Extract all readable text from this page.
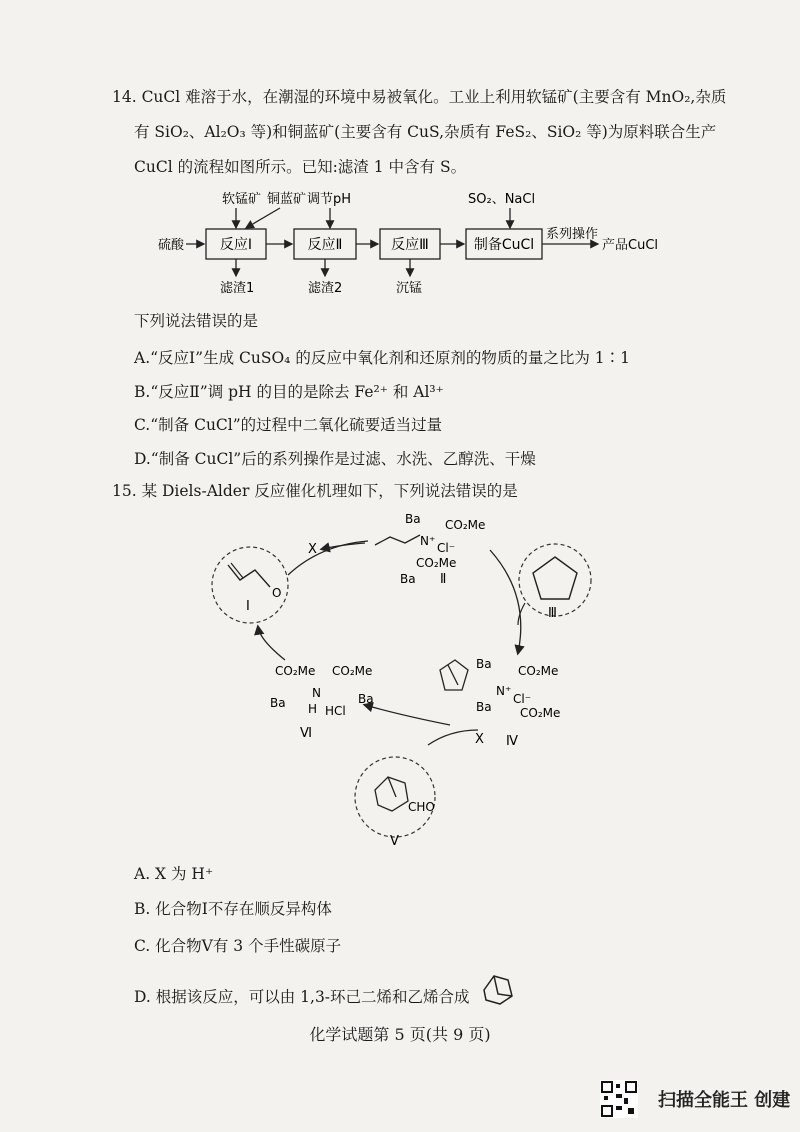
14. CuCl 难溶于水，在潮湿的环境中易被氧化。工业上利用软锰矿(主要含有 MnO₂,杂质
有 SiO₂、Al₂O₃ 等)和铜蓝矿(主要含有 CuS,杂质有 FeS₂、SiO₂ 等)为原料联合生产
CuCl 的流程如图所示。已知:滤渣 1 中含有 S。
软锰矿 铜蓝矿 调节pH	SO₂、NaCl
硫酸	反应Ⅰ	反应Ⅱ	反应Ⅲ	制备CuCl
系列操作
产品CuCl
滤渣1	滤渣2	沉锰
下列说法错误的是
A.“反应Ⅰ”生成 CuSO₄ 的反应中氧化剂和还原剂的物质的量之比为 1∶1
B.“反应Ⅱ”调 pH 的目的是除去 Fe²⁺ 和 Al³⁺
C.“制备 CuCl”的过程中二氧化硫要适当过量
D.“制备 CuCl”后的系列操作是过滤、水洗、乙醇洗、干燥
15. 某 Diels-Alder 反应催化机理如下，下列说法错误的是
O
Ⅰ
N⁺ Cl⁻
Ba CO₂Me
CO₂Me
Ba Ⅱ
X
Ⅲ
Ba CO₂Me
N⁺
Cl⁻
Ba CO₂Me
Ⅳ
X
CHO
Ⅴ
CO₂Me CO₂Me
N
H
Ba	Ba
HCl
Ⅵ
A. X 为 H⁺
B. 化合物Ⅰ不存在顺反异构体
C. 化合物Ⅴ有 3 个手性碳原子
D. 根据该反应，可以由 1,3-环己二烯和乙烯合成
化学试题第 5 页(共 9 页)
扫描全能王 创建
